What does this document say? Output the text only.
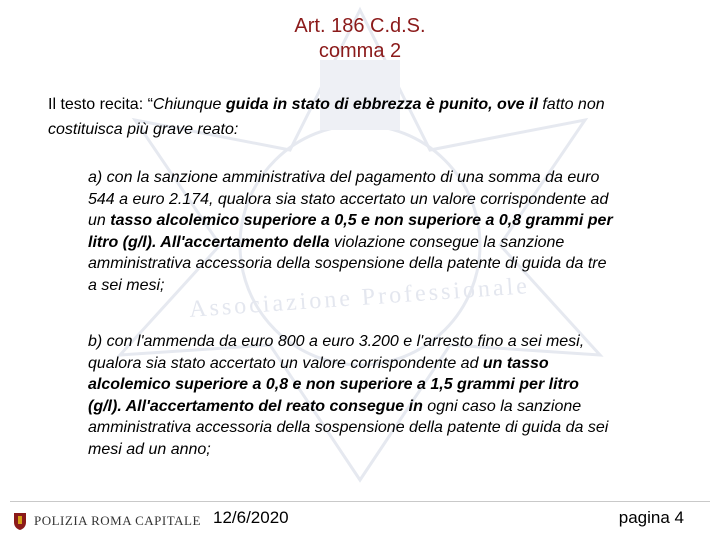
Associazione Professionale
Art. 186 C.d.S.
comma 2
Il testo recita: “Chiunque guida in stato di ebbrezza è punito, ove il fatto non costituisca più grave reato:
a) con la sanzione amministrativa del pagamento di una somma da euro 544 a euro 2.174, qualora sia stato accertato un valore corrispondente ad un tasso alcolemico superiore a 0,5 e non superiore a 0,8 grammi per litro (g/l). All'accertamento della violazione consegue la sanzione amministrativa accessoria della sospensione della patente di guida da tre a sei mesi;
b) con l'ammenda da euro 800 a euro 3.200 e l'arresto fino a sei mesi, qualora sia stato accertato un valore corrispondente ad un tasso alcolemico superiore a 0,8 e non superiore a 1,5 grammi per litro (g/l). All'accertamento del reato consegue in ogni caso la sanzione amministrativa accessoria della sospensione della patente di guida da sei mesi ad un anno;
POLIZIA ROMA CAPITALE 12/6/2020	pagina 4
